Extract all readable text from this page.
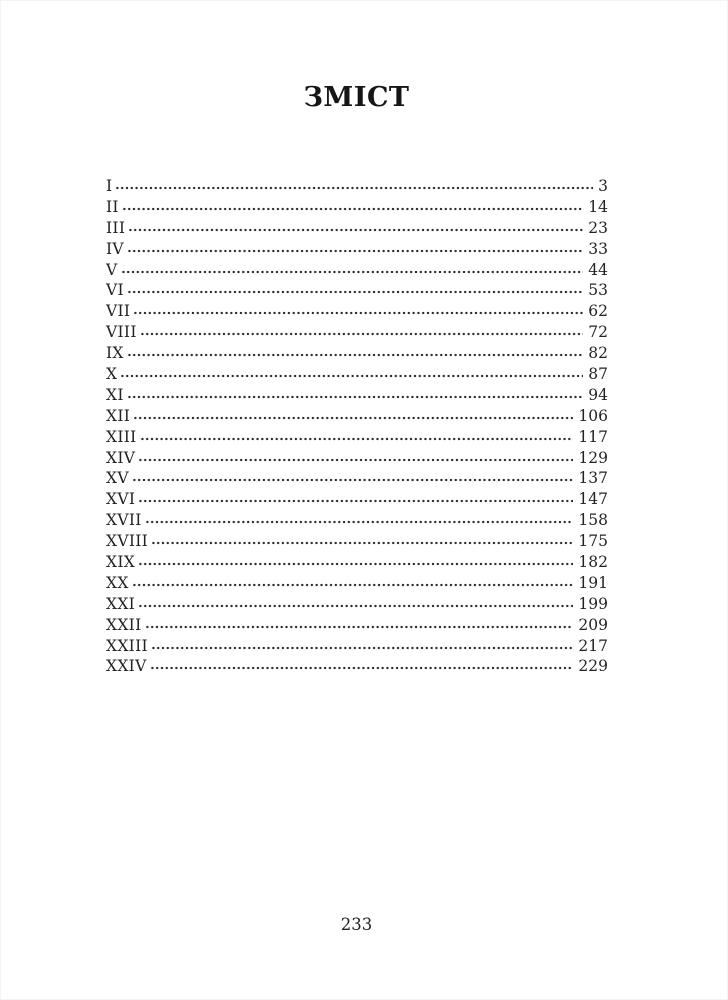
ЗМІСТ
I	3
II	14
III	23
IV	33
V	44
VI	53
VII	62
VIII	72
IX	82
X	87
XI	94
XII	106
XIII	117
XIV	129
XV	137
XVI	147
XVII	158
XVIII	175
XIX	182
XX	191
XXI	199
XXII	209
XXIII	217
XXIV	229
233
